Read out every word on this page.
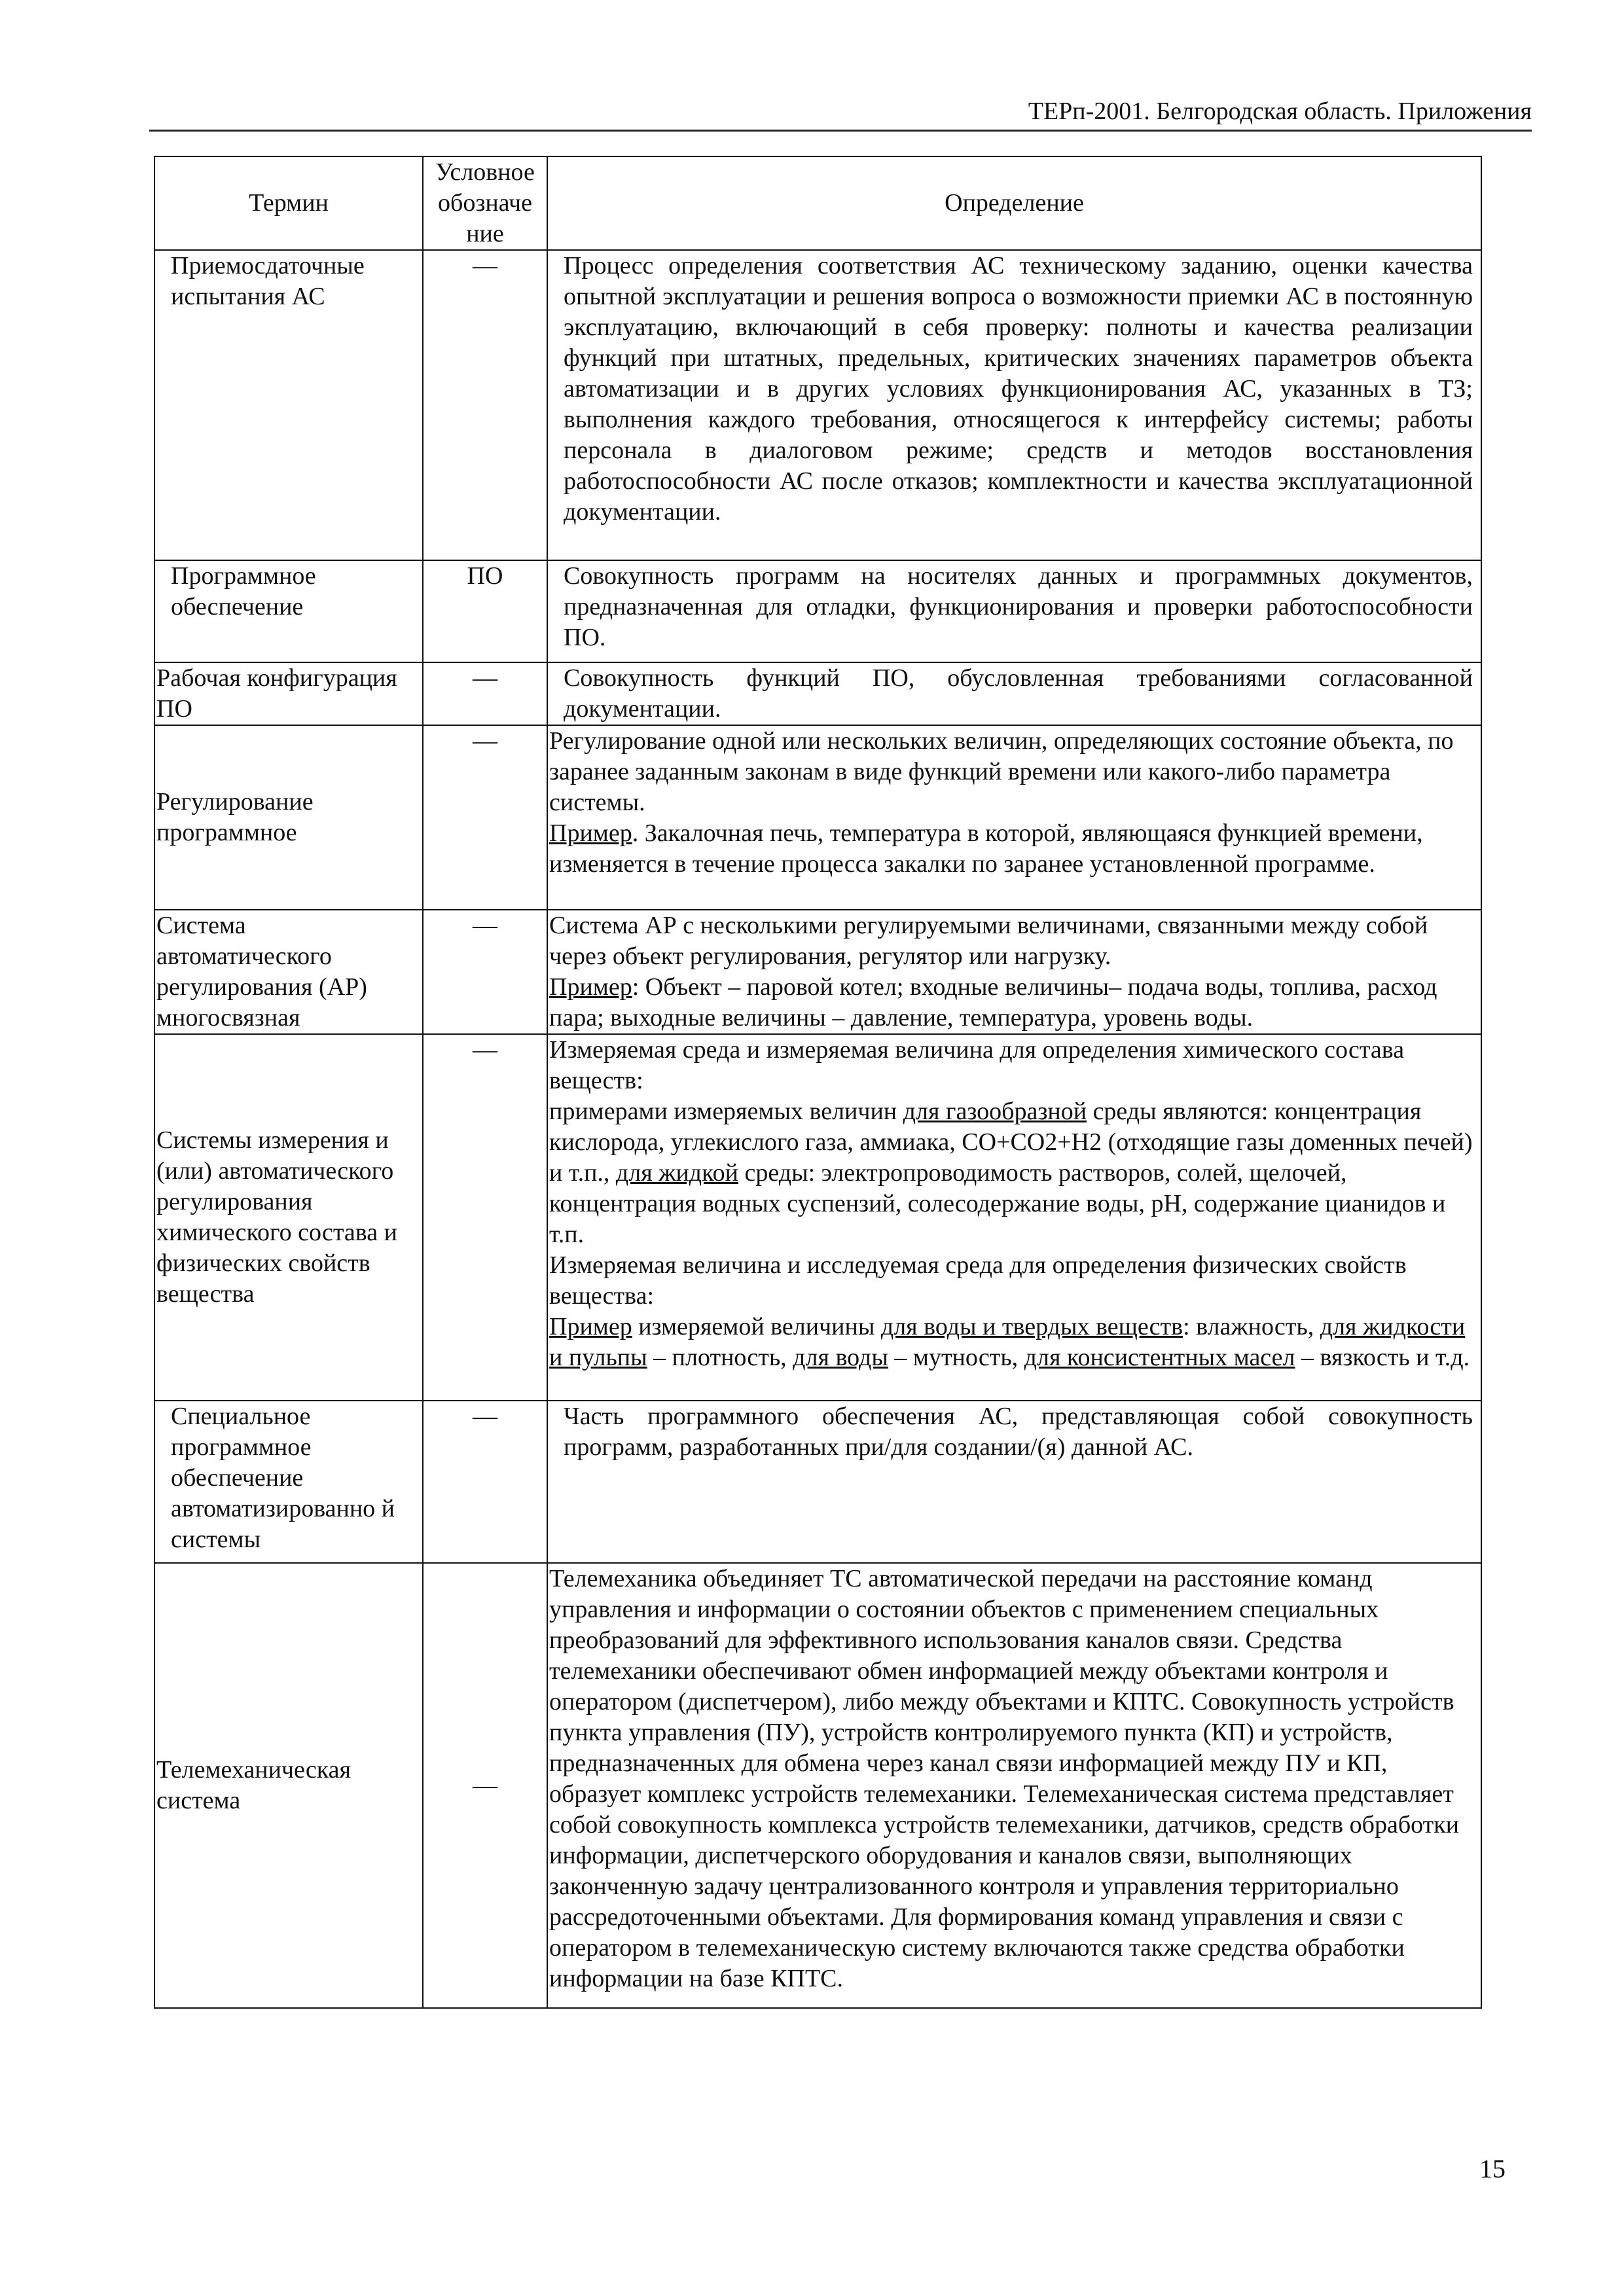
ТЕРп-2001. Белгородская область. Приложения
Термин	Условное обозначе ние	Определение
Приемосдаточные испытания АС	—	Процесс определения соответствия АС техническому заданию, оценки качества опытной эксплуатации и решения вопроса о возможности приемки АС в постоянную эксплуатацию, включающий в себя проверку: полноты и качества реализации функций при штатных, предельных, критических значениях параметров объекта автоматизации и в других условиях функционирования АС, указанных в ТЗ; выполнения каждого требования, относящегося к интерфейсу системы; работы персонала в диалоговом режиме; средств и методов восстановления работоспособности АС после отказов; комплектности и качества эксплуатационной документации.
Программное обеспечение	ПО	Совокупность программ на носителях данных и программных документов, предназначенная для отладки, функционирования и проверки работоспособности ПО.
Рабочая конфигурация ПО	—	Совокупность функций ПО, обусловленная требованиями согласованной документации.
Регулирование программное	—	Регулирование одной или нескольких величин, определяющих состояние объекта, по заранее заданным законам в виде функций времени или какого-либо параметра системы.
Пример. Закалочная печь, температура в которой, являющаяся функцией времени, изменяется в течение процесса закалки по заранее установленной программе.
Система автоматического регулирования (АР) многосвязная	—	Система АР с несколькими регулируемыми величинами, связанными между собой через объект регулирования, регулятор или нагрузку.
Пример: Объект – паровой котел; входные величины– подача воды, топлива, расход пара; выходные величины – давление, температура, уровень воды.
Системы измерения и (или) автоматического регулирования химического состава и физических свойств вещества	—	Измеряемая среда и измеряемая величина для определения химического состава веществ:
примерами измеряемых величин для газообразной среды являются: концентрация кислорода, углекислого газа, аммиака, СО+СО2+Н2 (отходящие газы доменных печей) и т.п., для жидкой среды: электропроводимость растворов, солей, щелочей, концентрация водных суспензий, солесодержание воды, рН, содержание цианидов и т.п.
Измеряемая величина и исследуемая среда для определения физических свойств вещества:
Пример измеряемой величины для воды и твердых веществ: влажность, для жидкости и пульпы – плотность, для воды – мутность, для консистентных масел – вязкость и т.д.
Специальное программное обеспечение автоматизированно й системы	—	Часть программного обеспечения АС, представляющая собой совокупность программ, разработанных при/для создании/(я) данной АС.
Телемеханическая система	—	Телемеханика объединяет ТС автоматической передачи на расстояние команд управления и информации о состоянии объектов с применением специальных преобразований для эффективного использования каналов связи. Средства телемеханики обеспечивают обмен информацией между объектами контроля и оператором (диспетчером), либо между объектами и КПТС. Совокупность устройств пункта управления (ПУ), устройств контролируемого пункта (КП) и устройств, предназначенных для обмена через канал связи информацией между ПУ и КП, образует комплекс устройств телемеханики. Телемеханическая система представляет собой совокупность комплекса устройств телемеханики, датчиков, средств обработки информации, диспетчерского оборудования и каналов связи, выполняющих законченную задачу централизованного контроля и управления территориально рассредоточенными объектами. Для формирования команд управления и связи с оператором в телемеханическую систему включаются также средства обработки информации на базе КПТС.
15
